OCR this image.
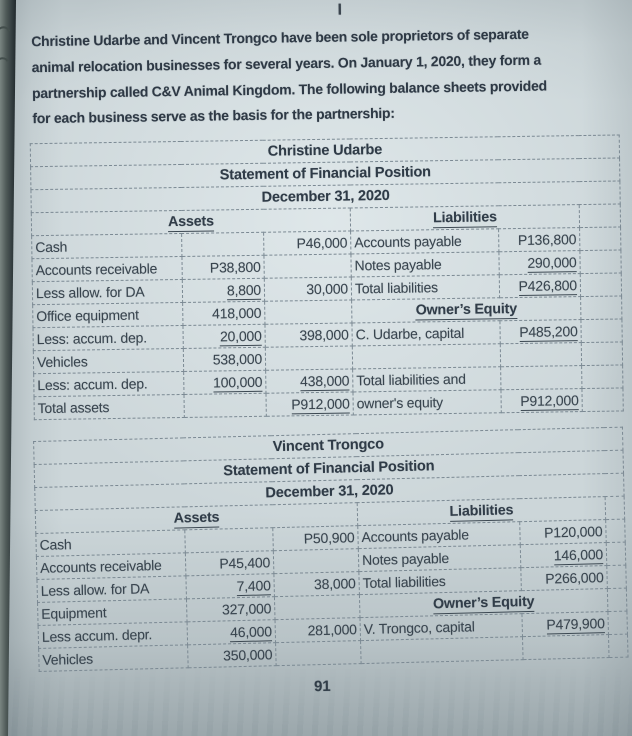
I
Christine Udarbe and Vincent Trongco have been sole proprietors of separate
animal relocation businesses for several years. On January 1, 2020, they form a
partnership called C&V Animal Kingdom. The following balance sheets provided
for each business serve as the basis for the partnership:
Christine Udarbe					
Statement of Financial Position					
December 31, 2020					
Assets			Liabilities		
Cash		P46,000	Accounts payable	P136,800	
Accounts receivable	P38,800		Notes payable	290,000	
Less allow. for DA	8,800	30,000	Total liabilities	P426,800	
Office equipment	418,000		Owner’s Equity		
Less: accum. dep.	20,000	398,000	C. Udarbe, capital	P485,200	
Vehicles	538,000				
Less: accum. dep.	100,000	438,000	Total liabilities and		
Total assets		P912,000	owner's equity	P912,000	
Vincent Trongco					
Statement of Financial Position					
December 31, 2020					
Assets			Liabilities		
Cash		P50,900	Accounts payable	P120,000	
Accounts receivable	P45,400		Notes payable	146,000	
Less allow. for DA	7,400	38,000	Total liabilities	P266,000	
Equipment	327,000		Owner’s Equity		
Less accum. depr.	46,000	281,000	V. Trongco, capital	P479,900	
Vehicles	350,000				
91
